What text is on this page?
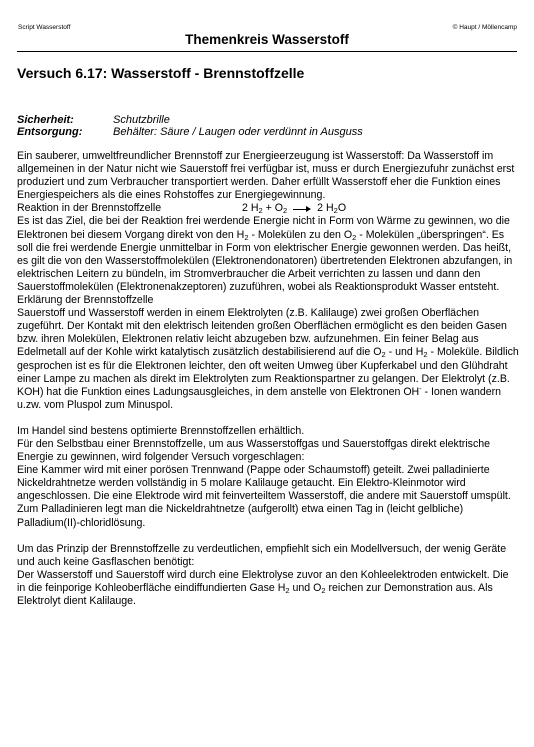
Script Wasserstoff	© Haupt / Möllencamp
Themenkreis Wasserstoff
Versuch 6.17: Wasserstoff - Brennstoffzelle
Sicherheit:	Schutzbrille
Entsorgung:	Behälter: Säure / Laugen oder verdünnt in Ausguss

Ein sauberer, umweltfreundlicher Brennstoff zur Energieerzeugung ist Wasserstoff: Da Wasserstoff im allgemeinen in der Natur nicht wie Sauerstoff frei verfügbar ist, muss er durch Energiezufuhr zunächst erst produziert und zum Verbraucher transportiert werden. Daher erfüllt Wasserstoff eher die Funktion eines Energiespeichers als die eines Rohstoffes zur Energiegewinnung.

Reaktion in der Brennstoffzelle	2 $H_2 + O_2$	2 $H_2O$

Es ist das Ziel, die bei der Reaktion frei werdende Energie nicht in Form von Wärme zu gewinnen, wo die Elektronen bei diesem Vorgang direkt von den $H_2$ - Molekülen zu den $O_2$ - Molekülen „überspringen“. Es soll die frei werdende Energie unmittelbar in Form von elektrischer Energie gewonnen werden. Das heißt, es gilt die von den Wasserstoffmolekülen (Elektronendonatoren) übertretenden Elektronen abzufangen, in elektrischen Leitern zu bündeln, im Stromverbraucher die Arbeit verrichten zu lassen und dann den Sauerstoffmolekülen (Elektronenakzeptoren) zuzuführen, wobei als Reaktionsprodukt Wasser entsteht.

Erklärung der Brennstoffzelle

Sauerstoff und Wasserstoff werden in einem Elektrolyten (z.B. Kalilauge) zwei großen Oberflächen zugeführt. Der Kontakt mit den elektrisch leitenden großen Oberflächen ermöglicht es den beiden Gasen bzw. ihren Molekülen, Elektronen relativ leicht abzugeben bzw. aufzunehmen. Ein feiner Belag aus Edelmetall auf der Kohle wirkt katalytisch zusätzlich destabilisierend auf die $O_2$ - und $H_2$ - Moleküle. Bildlich gesprochen ist es für die Elektronen leichter, den oft weiten Umweg über Kupferkabel und den Glühdraht einer Lampe zu machen als direkt im Elektrolyten zum Reaktionspartner zu gelangen. Der Elektrolyt (z.B. KOH) hat die Funktion eines Ladungsausgleiches, in dem anstelle von Elektronen OH- - Ionen wandern u.zw. vom Pluspol zum Minuspol.

Im Handel sind bestens optimierte Brennstoffzellen erhältlich.

Für den Selbstbau einer Brennstoffzelle, um aus Wasserstoffgas und Sauerstoffgas direkt elektrische Energie zu gewinnen, wird folgender Versuch vorgeschlagen:

Eine Kammer wird mit einer porösen Trennwand (Pappe oder Schaumstoff) geteilt. Zwei palladinierte Nickeldrahtnetze werden vollständig in 5 molare Kalilauge getaucht. Ein Elektro-Kleinmotor wird angeschlossen. Die eine Elektrode wird mit feinverteiltem Wasserstoff, die andere mit Sauerstoff umspült. Zum Palladinieren legt man die Nickeldrahtnetze (aufgerollt) etwa einen Tag in (leicht gelbliche) Palladium(II)-chloridlösung.

Um das Prinzip der Brennstoffzelle zu verdeutlichen, empfiehlt sich ein Modellversuch, der wenig Geräte und auch keine Gasflaschen benötigt:

Der Wasserstoff und Sauerstoff wird durch eine Elektrolyse zuvor an den Kohleelektroden entwickelt. Die in die feinporige Kohleoberfläche eindiffundierten Gase $H_2$ und $O_2$ reichen zur Demonstration aus. Als Elektrolyt dient Kalilauge.
